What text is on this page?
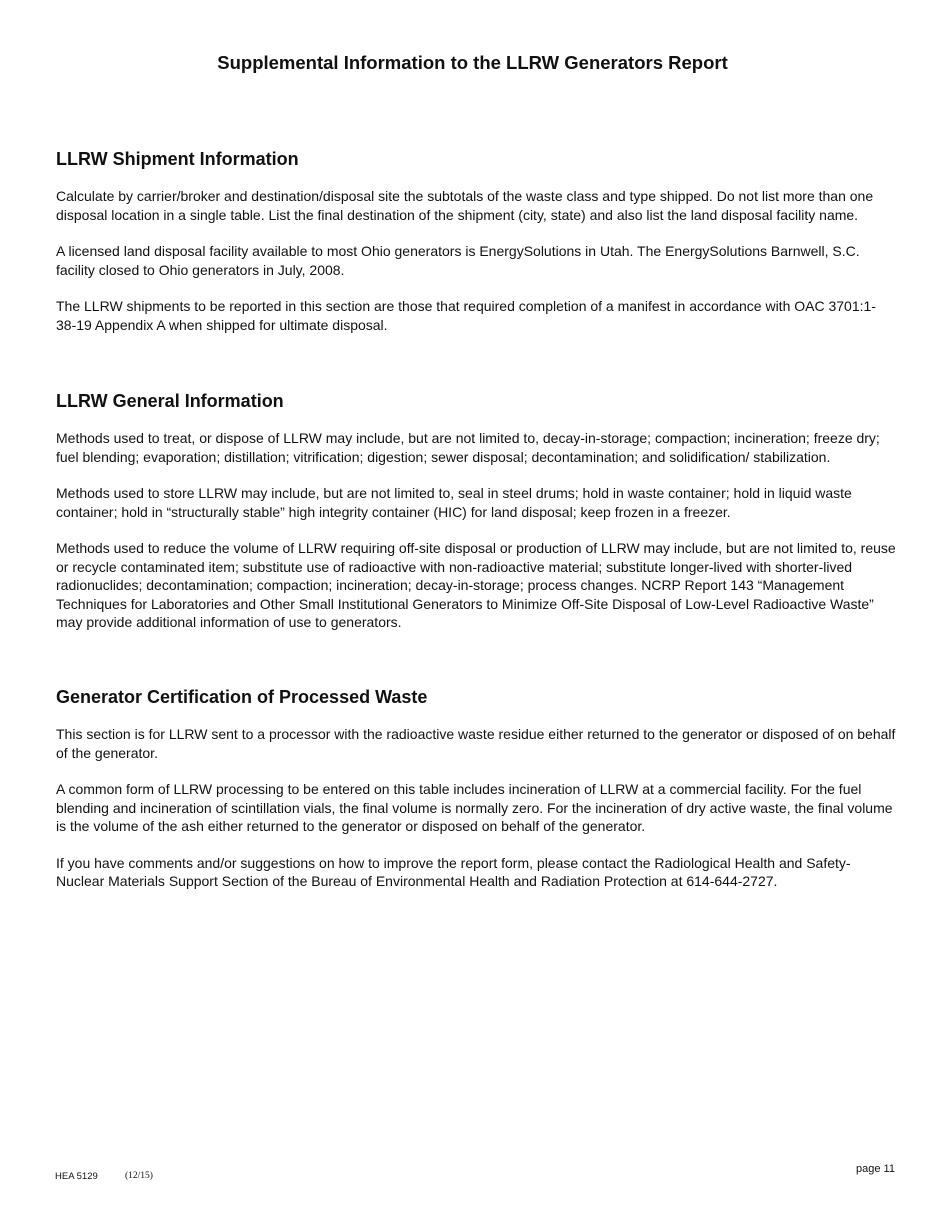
Supplemental Information to the LLRW Generators Report
LLRW Shipment Information

Calculate by carrier/broker and destination/disposal site the subtotals of the waste class and type shipped. Do not list more than one disposal location in a single table. List the final destination of the shipment (city, state) and also list the land disposal facility name.

A licensed land disposal facility available to most Ohio generators is EnergySolutions in Utah. The EnergySolutions Barnwell, S.C. facility closed to Ohio generators in July, 2008.

The LLRW shipments to be reported in this section are those that required completion of a manifest in accordance with OAC 3701:1-38-19 Appendix A when shipped for ultimate disposal.

LLRW General Information

Methods used to treat, or dispose of LLRW may include, but are not limited to, decay-in-storage; compaction; incineration; freeze dry; fuel blending; evaporation; distillation; vitrification; digestion; sewer disposal; decontamination; and solidification/ stabilization.

Methods used to store LLRW may include, but are not limited to, seal in steel drums; hold in waste container; hold in liquid waste container; hold in “structurally stable” high integrity container (HIC) for land disposal; keep frozen in a freezer.

Methods used to reduce the volume of LLRW requiring off-site disposal or production of LLRW may include, but are not limited to, reuse or recycle contaminated item; substitute use of radioactive with non-radioactive material; substitute longer-lived with shorter-lived radionuclides; decontamination; compaction; incineration; decay-in-storage; process changes. NCRP Report 143 “Management Techniques for Laboratories and Other Small Institutional Generators to Minimize Off-Site Disposal of Low-Level Radioactive Waste” may provide additional information of use to generators.

Generator Certification of Processed Waste

This section is for LLRW sent to a processor with the radioactive waste residue either returned to the generator or disposed of on behalf of the generator.

A common form of LLRW processing to be entered on this table includes incineration of LLRW at a commercial facility. For the fuel blending and incineration of scintillation vials, the final volume is normally zero. For the incineration of dry active waste, the final volume is the volume of the ash either returned to the generator or disposed on behalf of the generator.

If you have comments and/or suggestions on how to improve the report form, please contact the Radiological Health and Safety-Nuclear Materials Support Section of the Bureau of Environmental Health and Radiation Protection at 614-644-2727.

HEA 5129	(12/15)
page 11
